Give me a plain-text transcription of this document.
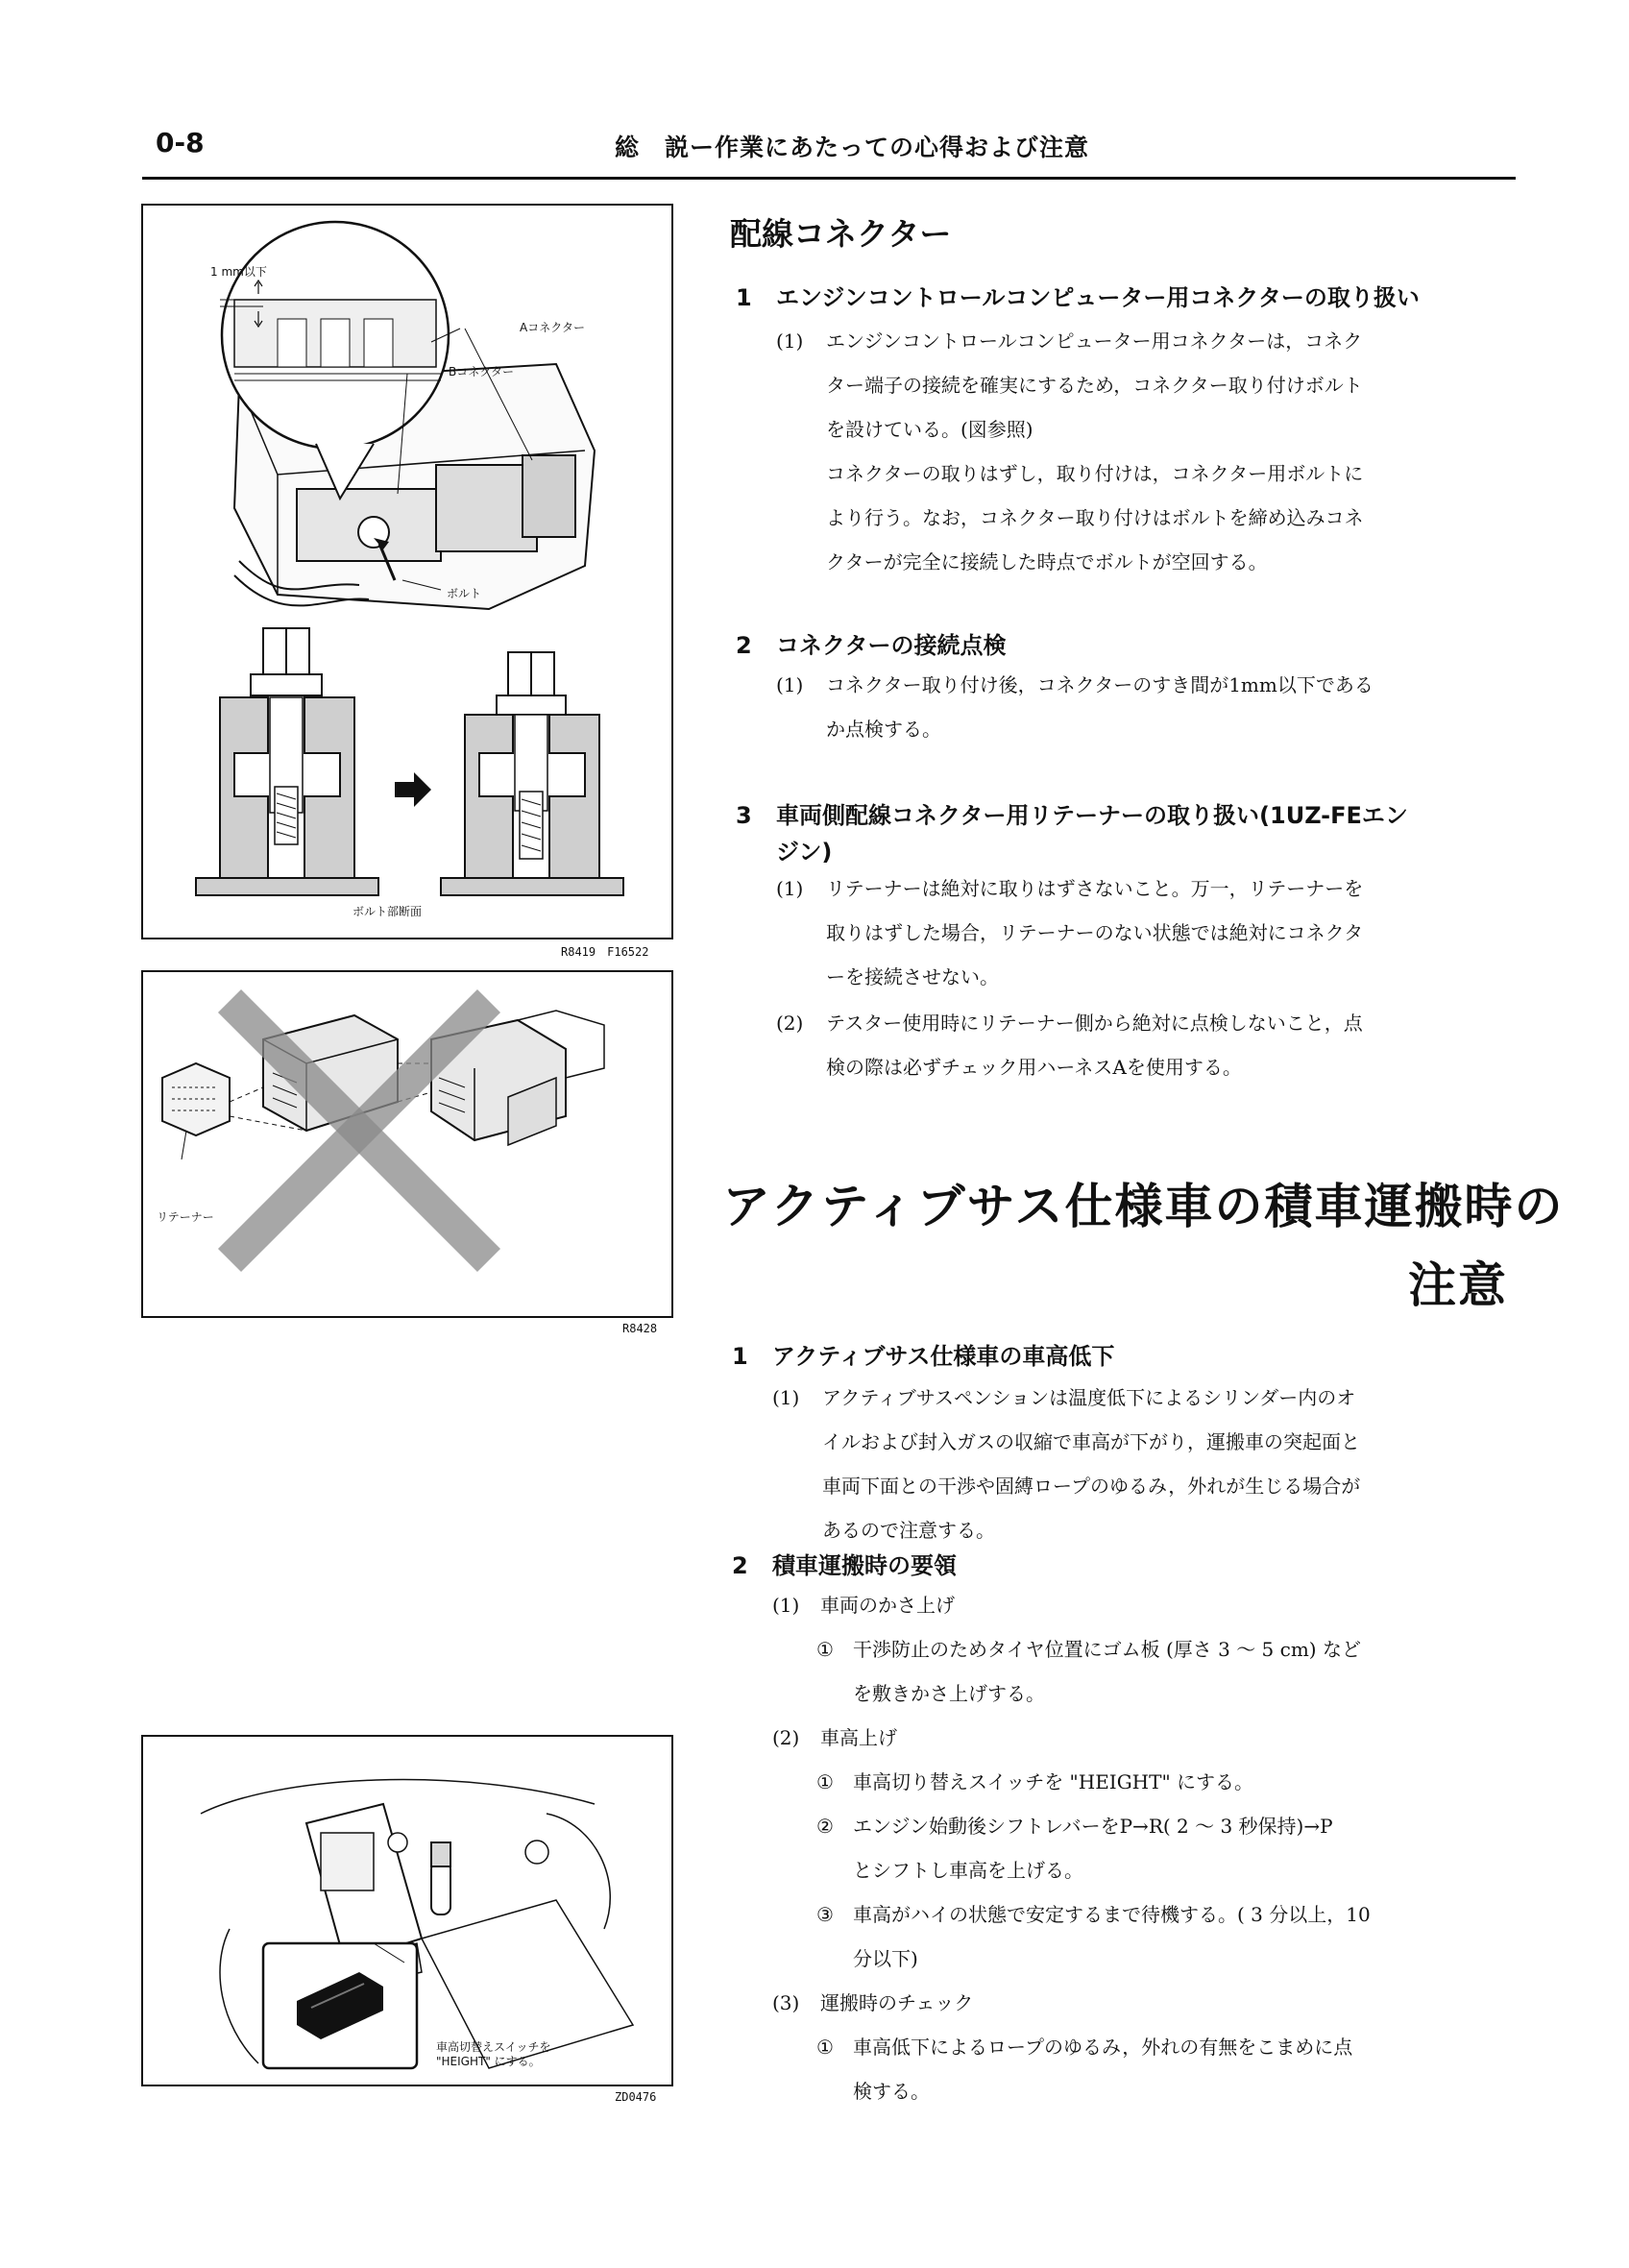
0-8	総　説ー作業にあたっての心得および注意
1 mm以下
Aコネクター
Bコネクター
ボルト
ボルト部断面
R8419　F16522
リテーナー
R8428
車高切替えスイッチを
"HEIGHT" にする。
ZD0476
配線コネクター
1 エンジンコントロールコンピューター用コネクターの取り扱い
(1) エンジンコントロールコンピューター用コネクターは，コネク
ター端子の接続を確実にするため，コネクター取り付けボルト
を設けている。(図参照)
コネクターの取りはずし，取り付けは，コネクター用ボルトに
より行う。なお，コネクター取り付けはボルトを締め込みコネ
クターが完全に接続した時点でボルトが空回する。
2 コネクターの接続点検
(1) コネクター取り付け後，コネクターのすき間が1mm以下である
か点検する。
3 車両側配線コネクター用リテーナーの取り扱い(1UZ-FEエン
ジン)
(1) リテーナーは絶対に取りはずさないこと。万一，リテーナーを
取りはずした場合，リテーナーのない状態では絶対にコネクタ
ーを接続させない。
(2) テスター使用時にリテーナー側から絶対に点検しないこと，点
検の際は必ずチェック用ハーネスAを使用する。
アクティブサス仕様車の積車運搬時の
注意
1 アクティブサス仕様車の車高低下
(1) アクティブサスペンションは温度低下によるシリンダー内のオ
イルおよび封入ガスの収縮で車高が下がり，運搬車の突起面と
車両下面との干渉や固縛ロープのゆるみ，外れが生じる場合が
あるので注意する。
2 積車運搬時の要領
(1) 車両のかさ上げ
① 干渉防止のためタイヤ位置にゴム板 (厚さ 3 ～ 5 cm) など
を敷きかさ上げする。
(2) 車高上げ
① 車高切り替えスイッチを "HEIGHT" にする。
② エンジン始動後シフトレバーをP→R( 2 ～ 3 秒保持)→P
とシフトし車高を上げる。
③ 車高がハイの状態で安定するまで待機する。( 3 分以上，10
分以下)
(3) 運搬時のチェック
① 車高低下によるロープのゆるみ，外れの有無をこまめに点
検する。
